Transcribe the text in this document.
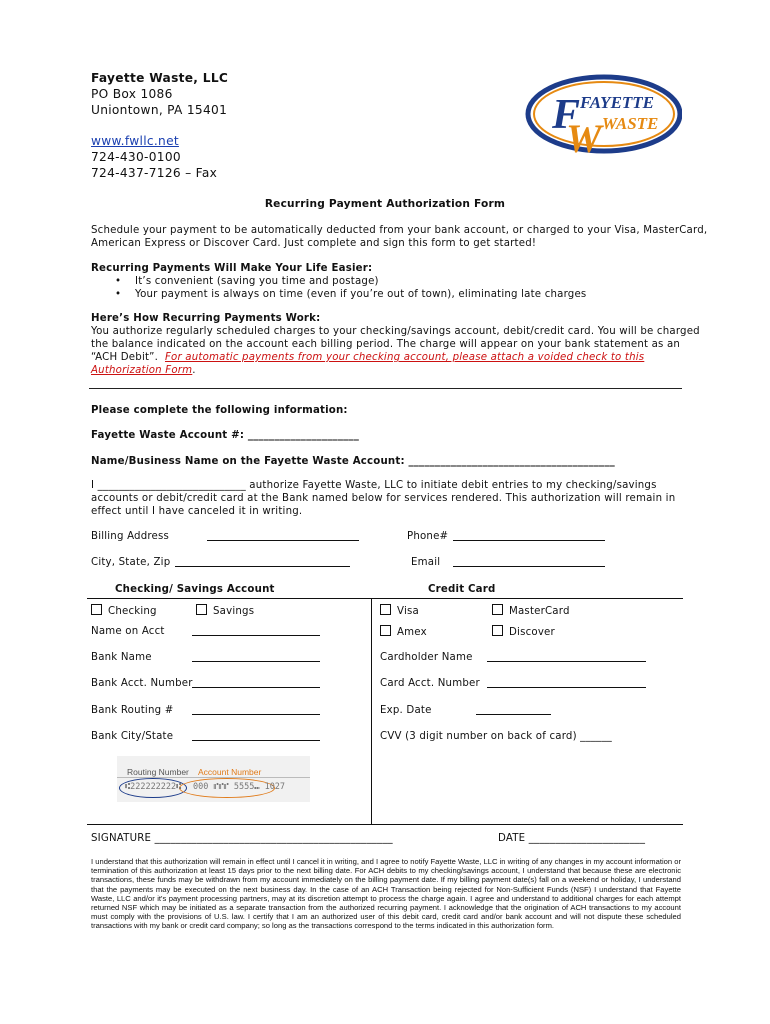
Fayette Waste, LLC
PO Box 1086
Uniontown, PA 15401
www.fwllc.net
724-430-0100
724-437-7126 – Fax
F
W
FAYETTE
WASTE
Recurring Payment Authorization Form
Schedule your payment to be automatically deducted from your bank account, or charged to your Visa, MasterCard,
American Express or Discover Card. Just complete and sign this form to get started!
Recurring Payments Will Make Your Life Easier:
• It’s convenient (saving you time and postage)
• Your payment is always on time (even if you’re out of town), eliminating late charges
Here’s How Recurring Payments Work:
You authorize regularly scheduled charges to your checking/savings account, debit/credit card. You will be charged
the balance indicated on the account each billing period. The charge will appear on your bank statement as an
“ACH Debit”. For automatic payments from your checking account, please attach a voided check to this
Authorization Form.
Please complete the following information:
Fayette Waste Account #: _____________________
Name/Business Name on the Fayette Waste Account: _______________________________________
I ____________________________ authorize Fayette Waste, LLC to initiate debit entries to my checking/savings
accounts or debit/credit card at the Bank named below for services rendered. This authorization will remain in
effect until I have canceled it in writing.
Billing Address	Phone#
City, State, Zip	Email
Checking/ Savings Account	Credit Card
Checking	Savings
Name on Acct
Bank Name
Bank Acct. Number
Bank Routing #
Bank City/State
Routing Number Account Number
⑆222222222⑆ 000 ⑈⑈⑈ 5555⑉ 1027
Visa	MasterCard
Amex	Discover
Cardholder Name
Card Acct. Number
Exp. Date
CVV (3 digit number on back of card) ______
SIGNATURE _____________________________________________	DATE ______________________
I understand that this authorization will remain in effect until I cancel it in writing, and I agree to notify Fayette Waste, LLC in writing of any changes in my account information or termination of this authorization at least 15 days prior to the next billing date. For ACH debits to my checking/savings account, I understand that because these are electronic transactions, these funds may be withdrawn from my account immediately on the billing payment date. If my billing payment date(s) fall on a weekend or holiday, I understand that the payments may be executed on the next business day. In the case of an ACH Transaction being rejected for Non-Sufficient Funds (NSF) I understand that Fayette Waste, LLC and/or it's payment processing partners, may at its discretion attempt to process the charge again. I agree and understand to additional charges for each attempt returned NSF which may be initiated as a separate transaction from the authorized recurring payment. I acknowledge that the origination of ACH transactions to my account must comply with the provisions of U.S. law. I certify that I am an authorized user of this debit card, credit card and/or bank account and will not dispute these scheduled transactions with my bank or credit card company; so long as the transactions correspond to the terms indicated in this authorization form.
